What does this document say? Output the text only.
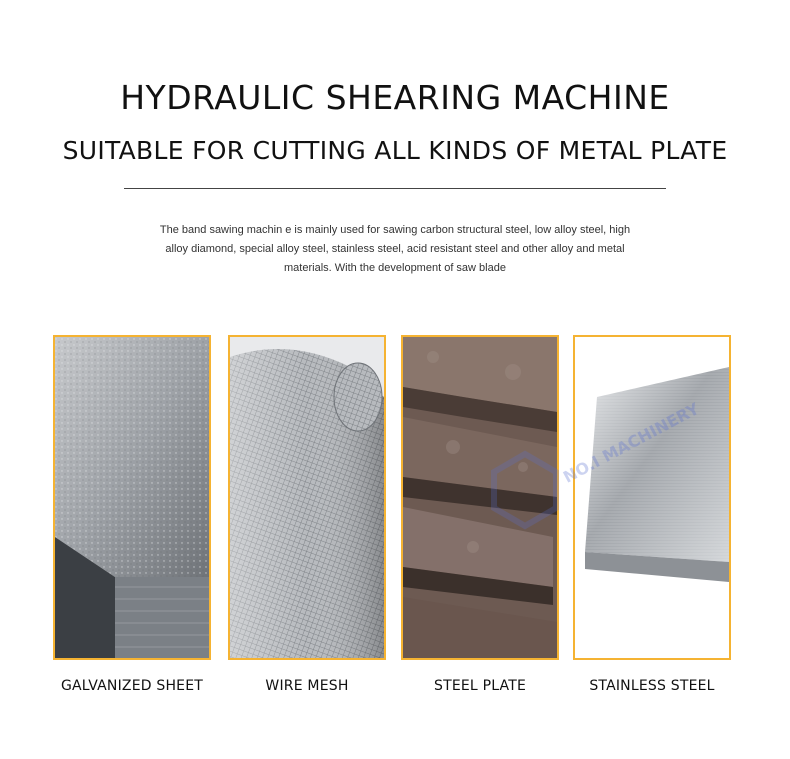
HYDRAULIC SHEARING MACHINE
SUITABLE FOR CUTTING ALL KINDS OF METAL PLATE
The band sawing machin e is mainly used for sawing carbon structural steel, low alloy steel, high alloy diamond, special alloy steel, stainless steel, acid resistant steel and other alloy and metal materials. With the development of saw blade
NO.I MACHINERY
GALVANIZED SHEET	WIRE MESH	STEEL PLATE	STAINLESS STEEL
